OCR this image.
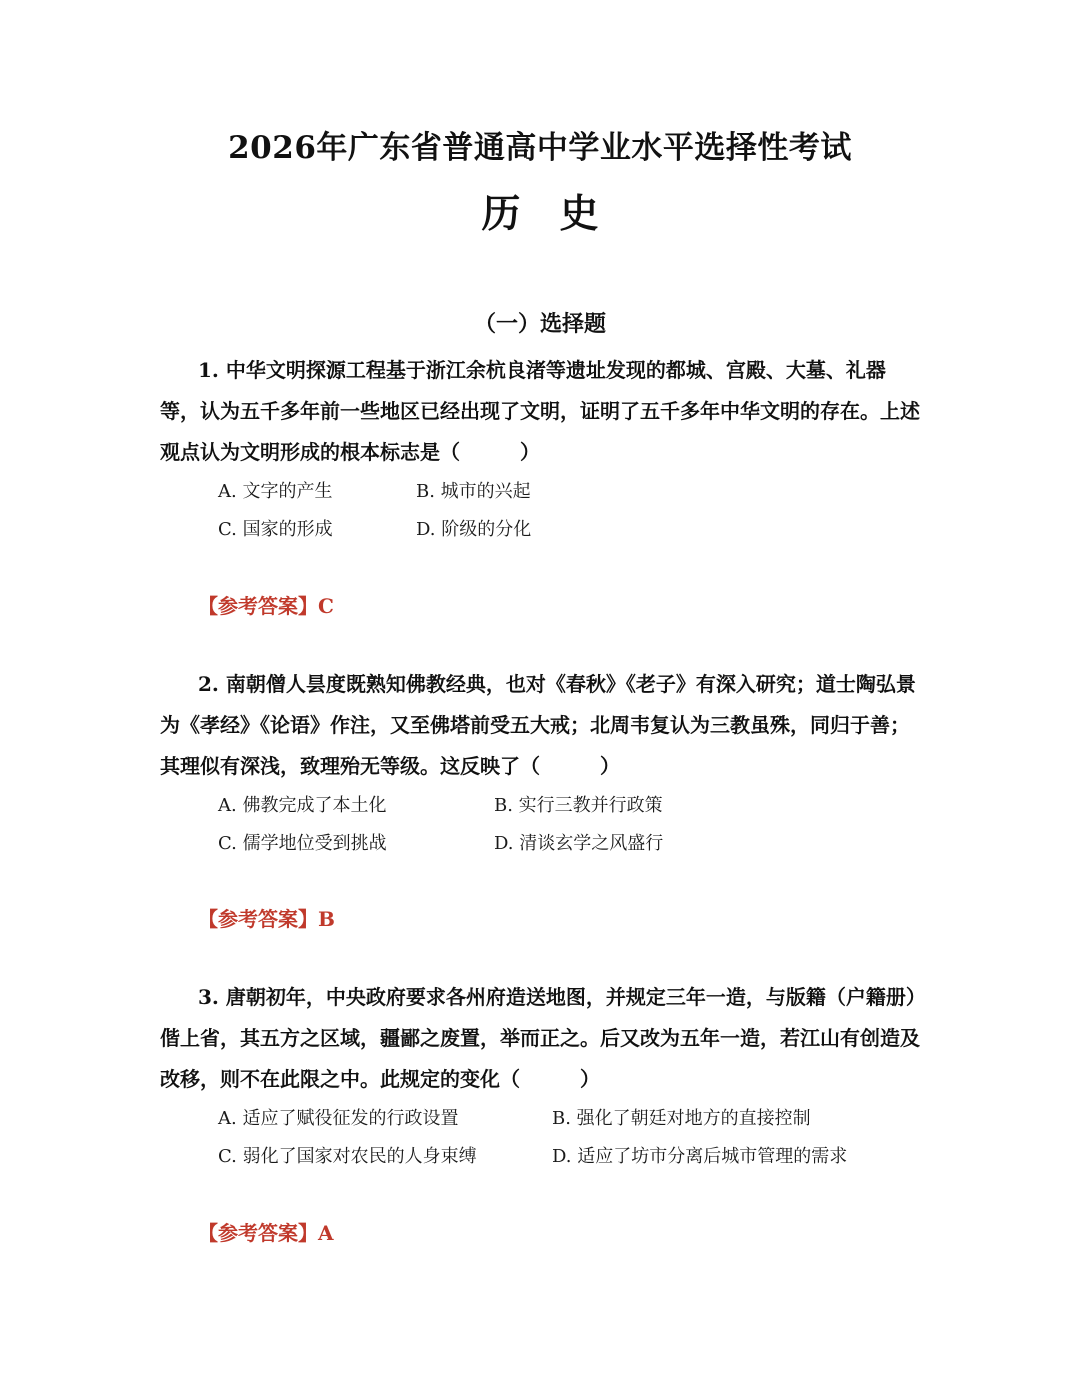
2026年广东省普通高中学业水平选择性考试
历　史
（一）选择题

1. 中华文明探源工程基于浙江余杭良渚等遗址发现的都城、宫殿、大墓、礼器等，认为五千多年前一些地区已经出现了文明，证明了五千多年中华文明的存在。上述观点认为文明形成的根本标志是（　　　）

A. 文字的产生	B. 城市的兴起
C. 国家的形成	D. 阶级的分化
【参考答案】C

2. 南朝僧人昙度既熟知佛教经典，也对《春秋》《老子》有深入研究；道士陶弘景为《孝经》《论语》作注，又至佛塔前受五大戒；北周韦复认为三教虽殊，同归于善；其理似有深浅，致理殆无等级。这反映了（　　　）

A. 佛教完成了本土化	B. 实行三教并行政策
C. 儒学地位受到挑战	D. 清谈玄学之风盛行
【参考答案】B

3. 唐朝初年，中央政府要求各州府造送地图，并规定三年一造，与版籍（户籍册）偕上省，其五方之区域，疆鄙之废置，举而正之。后又改为五年一造，若江山有创造及改移，则不在此限之中。此规定的变化（　　　）

A. 适应了赋役征发的行政设置	B. 强化了朝廷对地方的直接控制
C. 弱化了国家对农民的人身束缚	D. 适应了坊市分离后城市管理的需求
【参考答案】A
